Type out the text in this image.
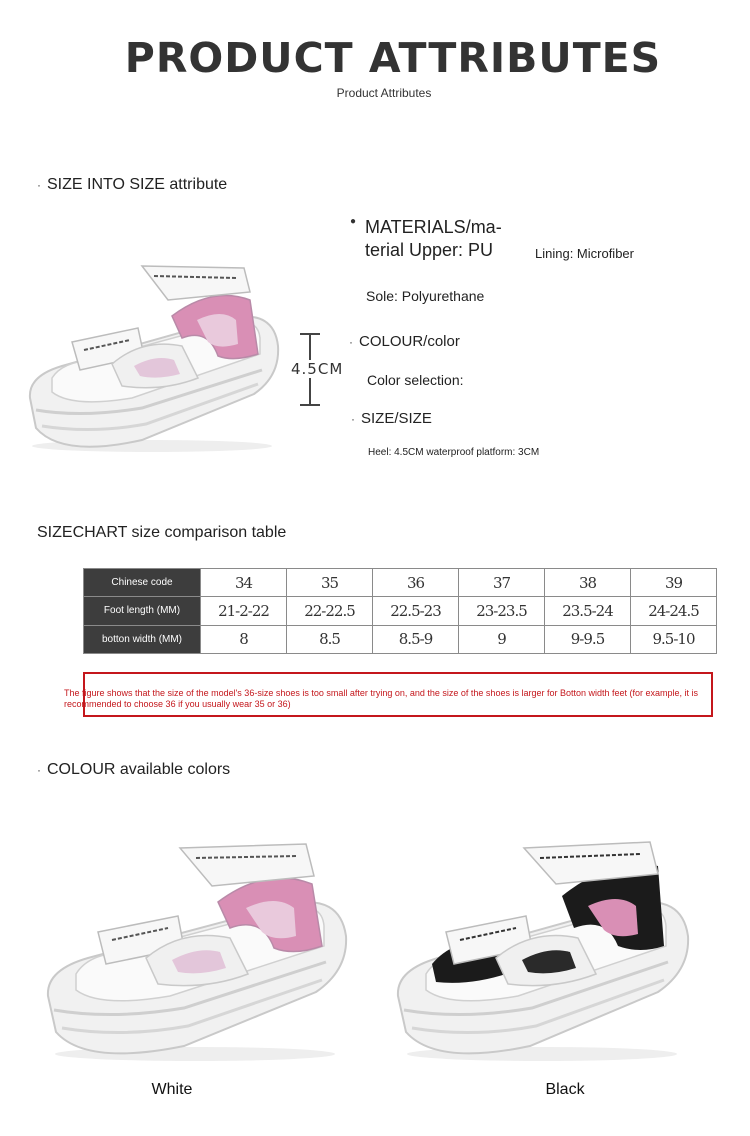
PRODUCT ATTRIBUTES
Product Attributes
· SIZE INTO SIZE attribute
4.5CM
● MATERIALS/ma-
terial Upper: PU	Lining: Microfiber
Sole: Polyurethane
· COLOUR/color
Color selection:
· SIZE/SIZE
Heel: 4.5CM waterproof platform: 3CM
SIZECHART size comparison table
Chinese code	34	35	36	37	38	39
Foot length (MM)	21-2-22	22-22.5	22.5-23	23-23.5	23.5-24	24-24.5
botton width (MM)	8	8.5	8.5-9	9	9-9.5	9.5-10
The figure shows that the size of the model's 36-size shoes is too small after trying on, and the size of the shoes is larger for Botton width feet (for example, it is recommended to choose 36 if you usually wear 35 or 36)
· COLOUR available colors
White	Black
